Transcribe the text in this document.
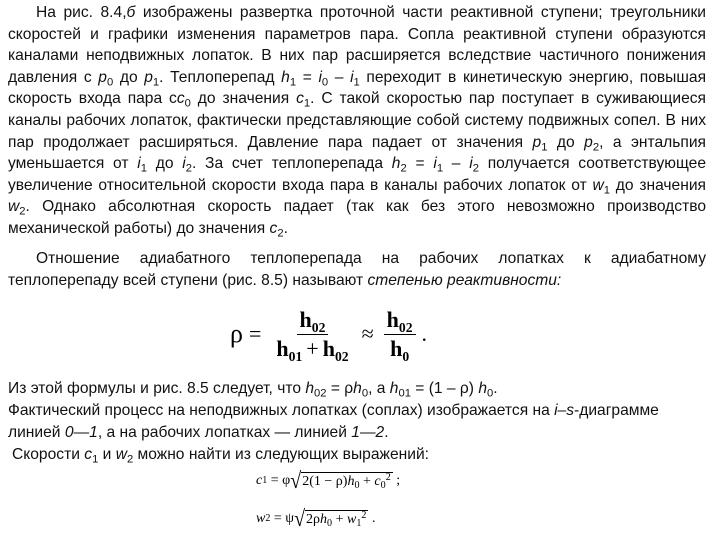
На рис. 8.4,б изображены развертка проточной части реактивной ступени; треугольники скоростей и графики изменения параметров пара. Сопла реактивной ступени образуются каналами неподвижных лопаток. В них пар расширяется вследствие частичного понижения давления с $p_0$ до $p_1$. Теплоперепад $h_1 = i_0 - i_1$ переходит в кинетическую энергию, повышая скорость входа пара $сc_0$ до значения $c_1$. С такой скоростью пар поступает в суживающиеся каналы рабочих лопаток, фактически представляющие собой систему подвижных сопел. В них пар продолжает расширяться. Давление пара падает от значения $p_1$ до $p_2$, а энтальпия уменьшается от $i_1$ до $i_2$. За счет теплоперепада $h_2 = i_1 - i_2$ получается соответствующее увеличение относительной скорости входа пара в каналы рабочих лопаток от $w_1$ до значения $w_2$. Однако абсолютная скорость падает (так как без этого невозможно производство механической работы) до значения $c_2$.

Отношение адиабатного теплоперепада на рабочих лопатках к адиабатному теплоперепаду всей ступени (рис. 8.5) называют степенью реактивности:

$\rho = \frac{h_{02}}{h_{01} + h_{02}} \approx \frac{h_{02}}{h_0}$ .

Из этой формулы и рис. 8.5 следует, что $h_{02} = \rho h_0$, а $h_{01} = (1 - \rho)$ $h_0$.

Фактический процесс на неподвижных лопатках (соплах) изображается на i–s-диаграмме

линией 0—1, а на рабочих лопатках — линией 1—2.

Скорости $c_1$ и $w_2$ можно найти из следующих выражений:

c 1 = φ √ $2(1 - \rho)h_0 + c_0^2$ ;
w 2 = ψ √ $2\rho h_0 + w_1^2$ .
